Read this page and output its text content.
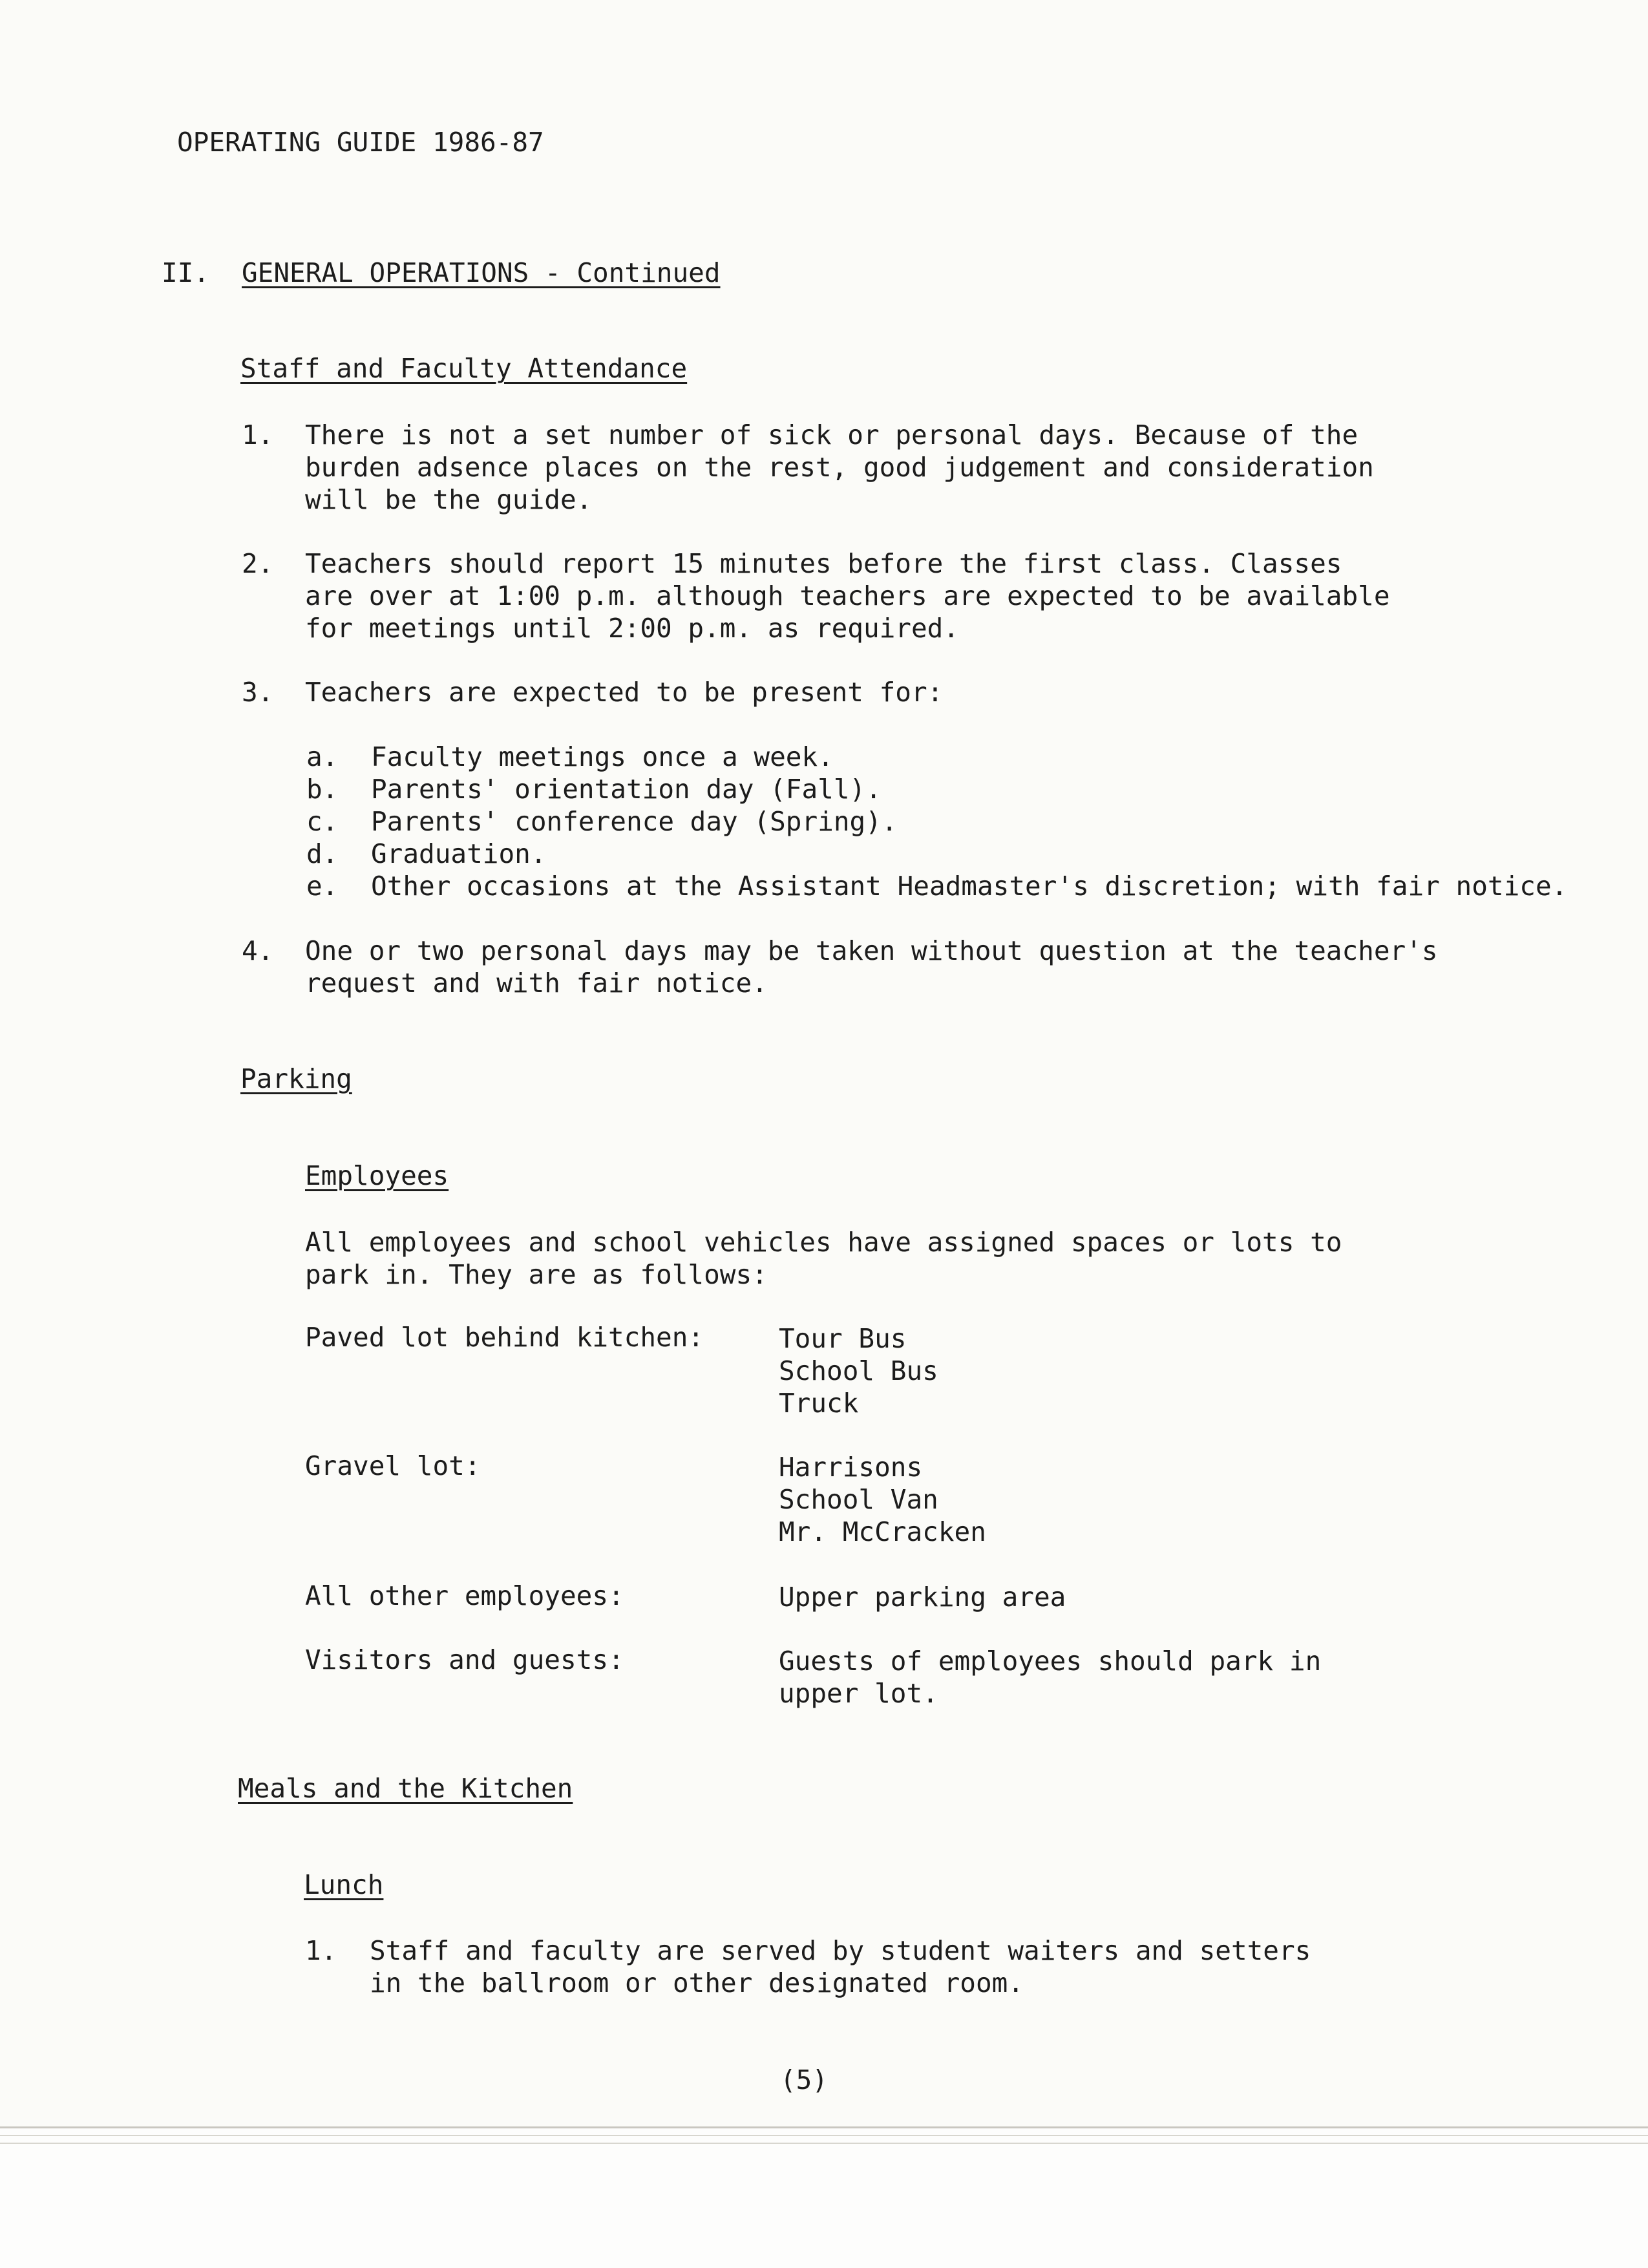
OPERATING GUIDE 1986-87
II. GENERAL OPERATIONS - Continued
Staff and Faculty Attendance
1. There is not a set number of sick or personal days. Because of the
burden adsence places on the rest, good judgement and consideration
will be the guide.
2. Teachers should report 15 minutes before the first class. Classes
are over at 1:00 p.m. although teachers are expected to be available
for meetings until 2:00 p.m. as required.
3. Teachers are expected to be present for:
a. Faculty meetings once a week.
b. Parents' orientation day (Fall).
c. Parents' conference day (Spring).
d. Graduation.
e. Other occasions at the Assistant Headmaster's discretion; with fair notice.
4. One or two personal days may be taken without question at the teacher's
request and with fair notice.
Parking
Employees
All employees and school vehicles have assigned spaces or lots to
park in. They are as follows:
Paved lot behind kitchen:	Tour Bus
School Bus
Truck
Gravel lot:	Harrisons
School Van
Mr. McCracken
All other employees:	Upper parking area
Visitors and guests:	Guests of employees should park in
upper lot.
Meals and the Kitchen
Lunch
1. Staff and faculty are served by student waiters and setters
in the ballroom or other designated room.
(5)
